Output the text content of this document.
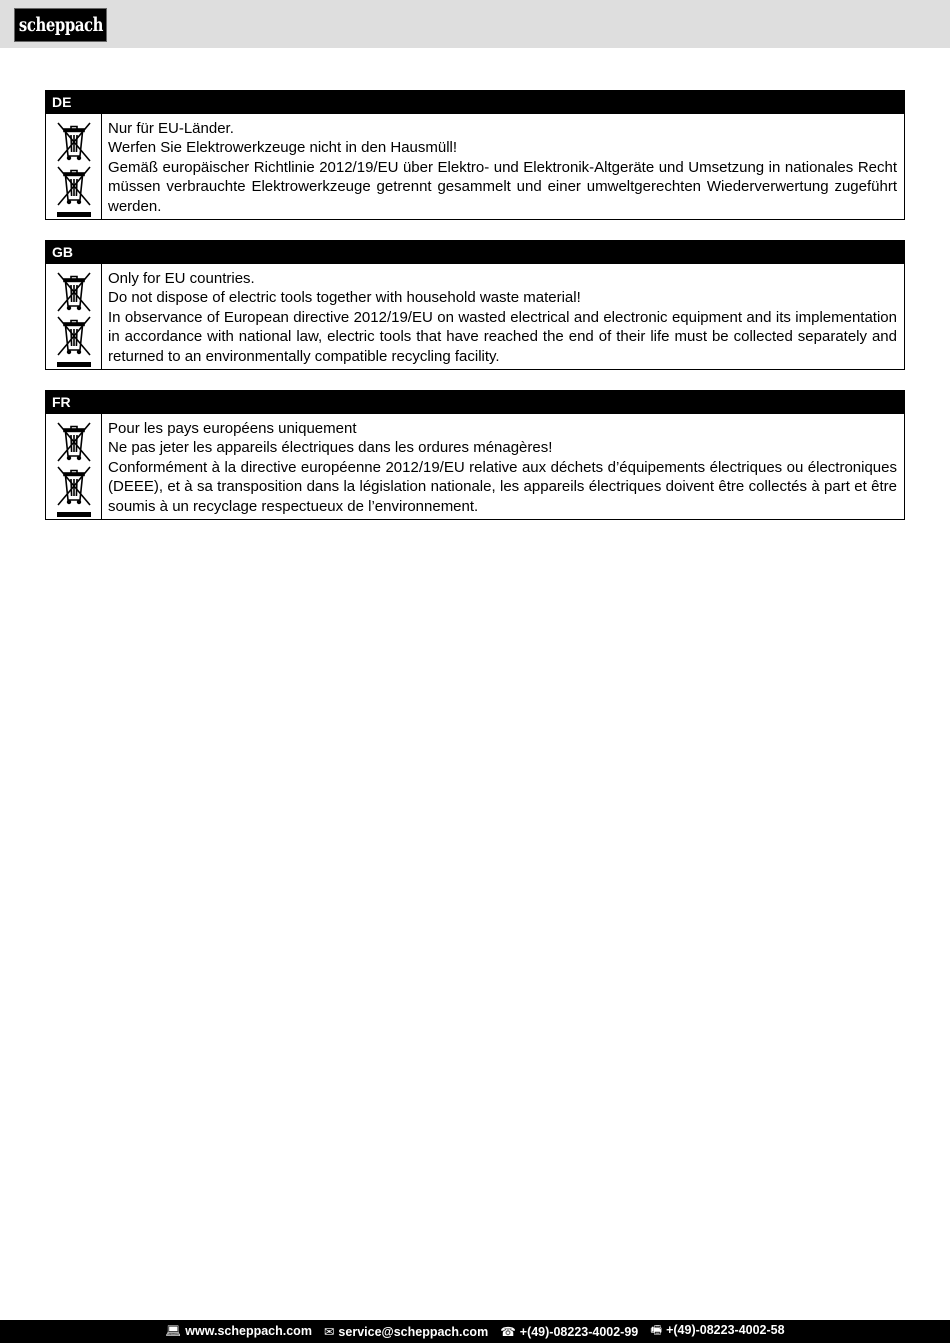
scheppach
DE
Nur für EU-Länder.
Werfen Sie Elektrowerkzeuge nicht in den Hausmüll!
Gemäß europäischer Richtlinie 2012/19/EU über Elektro- und Elektronik-Altgeräte und Umsetzung in nationales Recht müssen verbrauchte Elektrowerkzeuge getrennt gesammelt und einer umweltgerechten Wiederverwertung zugeführt werden.
GB
Only for EU countries.
Do not dispose of electric tools together with household waste material!
In observance of European directive 2012/19/EU on wasted electrical and electronic equipment and its implementation in accordance with national law, electric tools that have reached the end of their life must be collected separately and returned to an environmentally compatible recycling facility.
FR
Pour les pays européens uniquement
Ne pas jeter les appareils électriques dans les ordures ménagères!
Conformément à la directive européenne 2012/19/EU relative aux déchets d’équipements électriques ou électroniques (DEEE), et à sa transposition dans la législation nationale, les appareils électriques doivent être collectés à part et être soumis à un recyclage respectueux de l’environnement.
💻︎ www.scheppach.com ✉︎ service@scheppach.com ☎︎ +(49)-08223-4002-99 🖷︎ +(49)-08223-4002-58
